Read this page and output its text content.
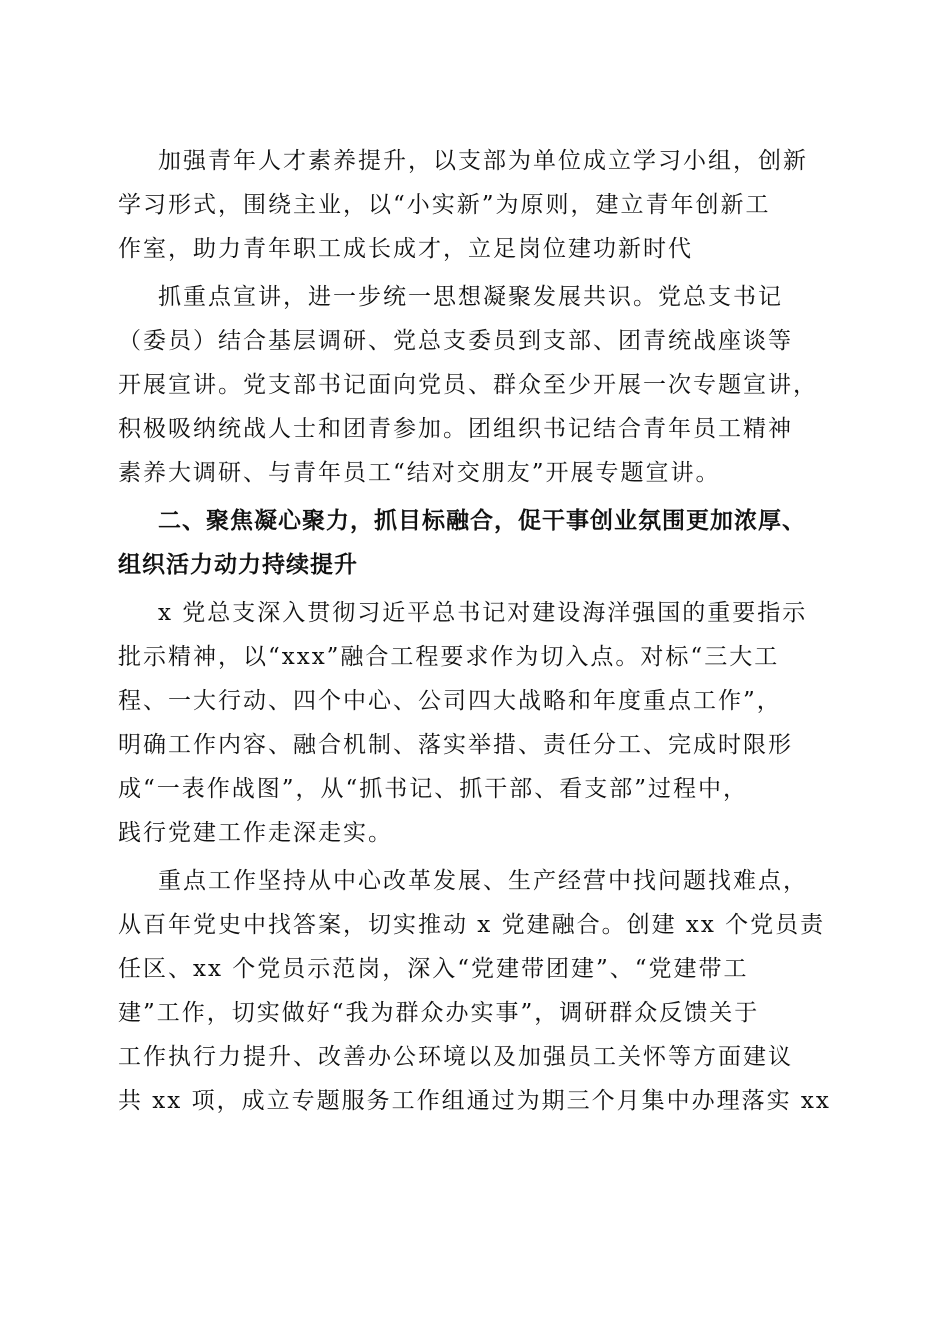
加强青年人才素养提升，以支部为单位成立学习小组，创新

学习形式，围绕主业，以“小实新”为原则，建立青年创新工

作室，助力青年职工成长成才，立足岗位建功新时代

抓重点宣讲，进一步统一思想凝聚发展共识。党总支书记

（委员）结合基层调研、党总支委员到支部、团青统战座谈等

开展宣讲。党支部书记面向党员、群众至少开展一次专题宣讲，

积极吸纳统战人士和团青参加。团组织书记结合青年员工精神

素养大调研、与青年员工“结对交朋友”开展专题宣讲。

二、聚焦凝心聚力，抓目标融合，促干事创业氛围更加浓厚、

组织活力动力持续提升

x 党总支深入贯彻习近平总书记对建设海洋强国的重要指示

批示精神，以“xxx”融合工程要求作为切入点。对标“三大工

程、一大行动、四个中心、公司四大战略和年度重点工作”，

明确工作内容、融合机制、落实举措、责任分工、完成时限形

成“一表作战图”，从“抓书记、抓干部、看支部”过程中，

践行党建工作走深走实。

重点工作坚持从中心改革发展、生产经营中找问题找难点，

从百年党史中找答案，切实推动 x 党建融合。创建 xx 个党员责

任区、xx 个党员示范岗，深入“党建带团建”、“党建带工

建”工作，切实做好“我为群众办实事”，调研群众反馈关于

工作执行力提升、改善办公环境以及加强员工关怀等方面建议

共 xx 项，成立专题服务工作组通过为期三个月集中办理落实 xx
